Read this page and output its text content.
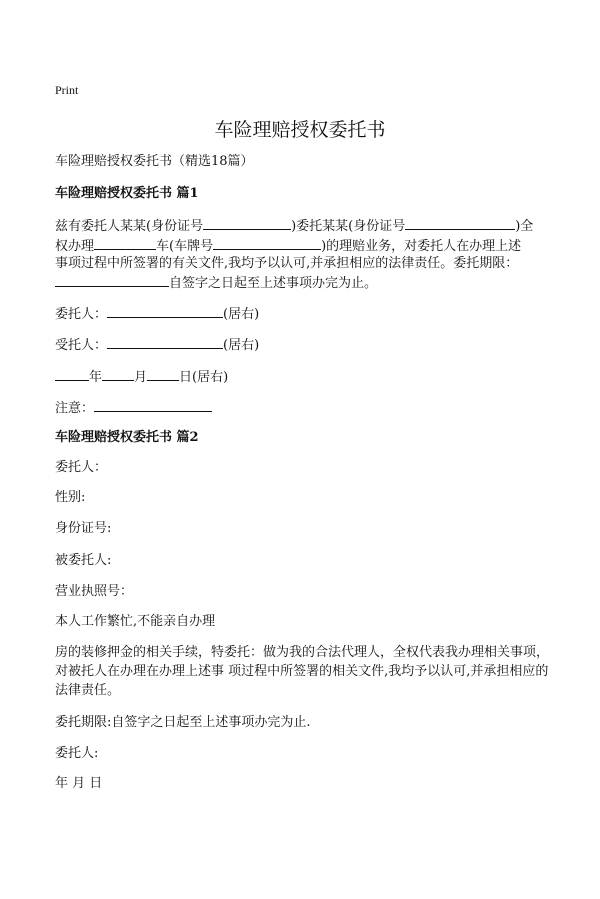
Print
车险理赔授权委托书
车险理赔授权委托书（精选18篇）
车险理赔授权委托书 篇1
兹有委托人某某(身份证号	)委托某某(身份证号	)全
权办理	车(车牌号	)的理赔业务，对委托人在办理上述
事项过程中所签署的有关文件,我均予以认可,并承担相应的法律责任。委托期限：
自签字之日起至上述事项办完为止。
委托人：	(居右)
受托人：	(居右)
年 月 日(居右)
注意：
车险理赔授权委托书 篇2
委托人：
性别:
身份证号:
被委托人:
营业执照号：
本人工作繁忙,不能亲自办理
房的装修押金的相关手续，特委托：做为我的合法代理人，全权代表我办理相关事项，对被托人在办理在办理上述事 项过程中所签署的相关文件,我均予以认可,并承担相应的法律责任。
委托期限:自签字之日起至上述事项办完为止.
委托人:
年 月 日
